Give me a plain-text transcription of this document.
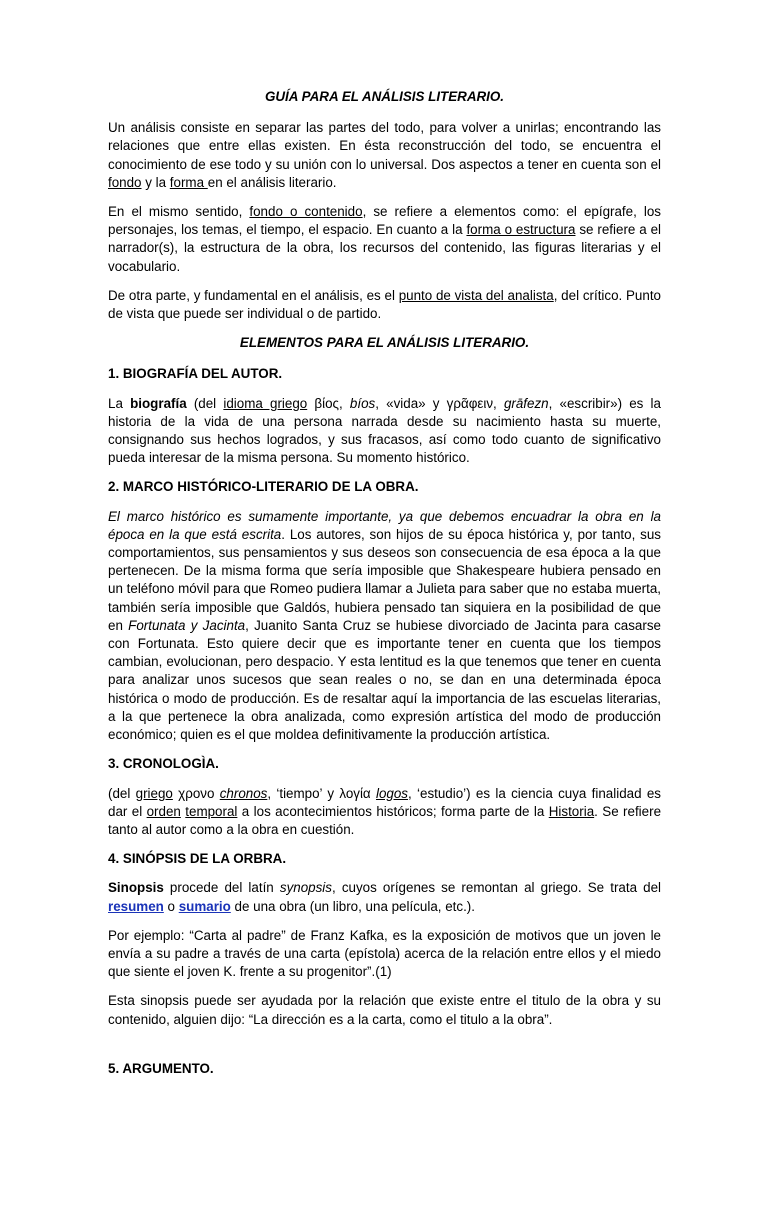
GUÍA PARA EL ANÁLISIS LITERARIO.

Un análisis consiste en separar las partes del todo, para volver a unirlas; encontrando las relaciones que entre ellas existen. En ésta reconstrucción del todo, se encuentra el conocimiento de ese todo y su unión con lo universal. Dos aspectos a tener en cuenta son el fondo y la forma en el análisis literario.

En el mismo sentido, fondo o contenido, se refiere a elementos como: el epígrafe, los personajes, los temas, el tiempo, el espacio. En cuanto a la forma o estructura se refiere a el narrador(s), la estructura de la obra, los recursos del contenido, las figuras literarias y el vocabulario.

De otra parte, y fundamental en el análisis, es el punto de vista del analista, del crítico. Punto de vista que puede ser individual o de partido.

ELEMENTOS PARA EL ANÁLISIS LITERARIO.
1. BIOGRAFÍA DEL AUTOR.

La biografía (del idioma griego βίος, bíos, «vida» y γρᾶφειν, grāfezn, «escribir») es la historia de la vida de una persona narrada desde su nacimiento hasta su muerte, consignando sus hechos logrados, y sus fracasos, así como todo cuanto de significativo pueda interesar de la misma persona. Su momento histórico.

2. MARCO HISTÓRICO-LITERARIO DE LA OBRA.

El marco histórico es sumamente importante, ya que debemos encuadrar la obra en la época en la que está escrita. Los autores, son hijos de su época histórica y, por tanto, sus comportamientos, sus pensamientos y sus deseos son consecuencia de esa época a la que pertenecen. De la misma forma que sería imposible que Shakespeare hubiera pensado en un teléfono móvil para que Romeo pudiera llamar a Julieta para saber que no estaba muerta, también sería imposible que Galdós, hubiera pensado tan siquiera en la posibilidad de que en Fortunata y Jacinta, Juanito Santa Cruz se hubiese divorciado de Jacinta para casarse con Fortunata. Esto quiere decir que es importante tener en cuenta que los tiempos cambian, evolucionan, pero despacio. Y esta lentitud es la que tenemos que tener en cuenta para analizar unos sucesos que sean reales o no, se dan en una determinada época histórica o modo de producción. Es de resaltar aquí la importancia de las escuelas literarias, a la que pertenece la obra analizada, como expresión artística del modo de producción económico; quien es el que moldea definitivamente la producción artística.

3. CRONOLOGÌA.

(del griego χρονο chronos, ‘tiempo’ y λογία logos, ‘estudio’) es la ciencia cuya finalidad es dar el orden temporal a los acontecimientos históricos; forma parte de la Historia. Se refiere tanto al autor como a la obra en cuestión.

4. SINÓPSIS DE LA ORBRA.

Sinopsis procede del latín synopsis, cuyos orígenes se remontan al griego. Se trata del resumen o sumario de una obra (un libro, una película, etc.).

Por ejemplo: “Carta al padre” de Franz Kafka, es la exposición de motivos que un joven le envía a su padre a través de una carta (epístola) acerca de la relación entre ellos y el miedo que siente el joven K. frente a su progenitor”.(1)

Esta sinopsis puede ser ayudada por la relación que existe entre el titulo de la obra y su contenido, alguien dijo: “La dirección es a la carta, como el titulo a la obra”.

5. ARGUMENTO.
